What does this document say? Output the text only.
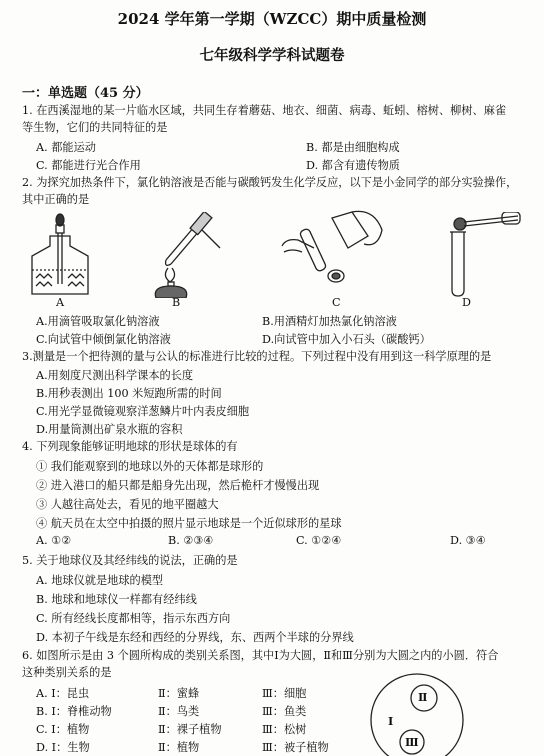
2024 学年第一学期（WZCC）期中质量检测
七年级科学学科试题卷
一：单选题（45 分）
1. 在西溪湿地的某一片临水区域，共同生存着蘑菇、地衣、细菌、病毒、蚯蚓、榕树、柳树、麻雀
等生物，它们的共同特征的是
A. 都能运动	B. 都是由细胞构成
C. 都能进行光合作用	D. 都含有遗传物质
2. 为探究加热条件下，氯化钠溶液是否能与碳酸钙发生化学反应，以下是小金同学的部分实验操作，
其中正确的是
A	B	C	D
A.用滴管吸取氯化钠溶液	B.用酒精灯加热氯化钠溶液
C.向试管中倾倒氯化钠溶液	D.向试管中加入小石头（碳酸钙）
3.测量是一个把待测的量与公认的标准进行比较的过程。下列过程中没有用到这一科学原理的是
A.用刻度尺测出科学课本的长度
B.用秒表测出 100 米短跑所需的时间
C.用光学显微镜观察洋葱鳞片叶内表皮细胞
D.用量筒测出矿泉水瓶的容积
4. 下列现象能够证明地球的形状是球体的有
① 我们能观察到的地球以外的天体都是球形的
② 进入港口的船只都是船身先出现，然后桅杆才慢慢出现
③ 人越往高处去，看见的地平圈越大
④ 航天员在太空中拍摄的照片显示地球是一个近似球形的星球
A. ①②	B. ②③④	C. ①②④	D. ③④
5. 关于地球仪及其经纬线的说法，正确的是
A. 地球仪就是地球的模型
B. 地球和地球仪一样都有经纬线
C. 所有经线长度都相等，指示东西方向
D. 本初子午线是东经和西经的分界线，东、西两个半球的分界线
6. 如图所示是由 3 个圆所构成的类别关系图，其中Ⅰ为大圆，Ⅱ和Ⅲ分别为大圆之内的小圆．符合
这种类别关系的是
A. Ⅰ：昆虫	Ⅱ：蜜蜂	Ⅲ：细胞
B. Ⅰ：脊椎动物	Ⅱ：鸟类	Ⅲ：鱼类
C. Ⅰ：植物	Ⅱ：裸子植物	Ⅲ：松树
D. Ⅰ：生物	Ⅱ：植物	Ⅲ：被子植物
Ⅰ
Ⅱ
Ⅲ
